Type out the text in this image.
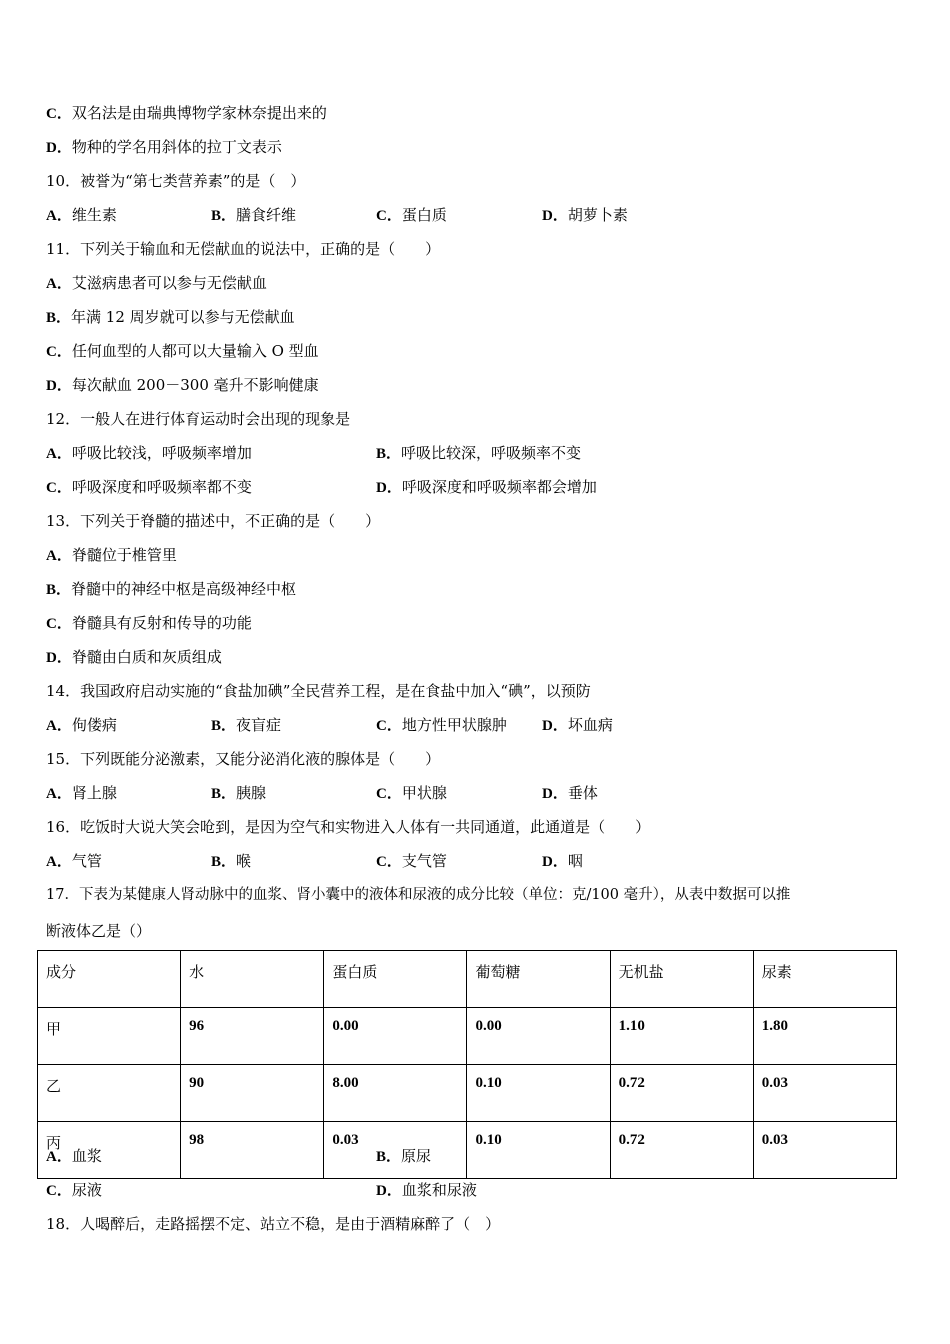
C．双名法是由瑞典博物学家林奈提出来的
D．物种的学名用斜体的拉丁文表示
10．被誉为“第七类营养素”的是（　）
A．维生素	B．膳食纤维	C．蛋白质	D．胡萝卜素
11．下列关于输血和无偿献血的说法中，正确的是（　　）
A．艾滋病患者可以参与无偿献血
B．年满 12 周岁就可以参与无偿献血
C．任何血型的人都可以大量输入 O 型血
D．每次献血 200－300 毫升不影响健康
12．一般人在进行体育运动时会出现的现象是
A．呼吸比较浅，呼吸频率增加	B．呼吸比较深，呼吸频率不变
C．呼吸深度和呼吸频率都不变	D．呼吸深度和呼吸频率都会增加
13．下列关于脊髓的描述中，不正确的是（　　）
A．脊髓位于椎管里
B．脊髓中的神经中枢是高级神经中枢
C．脊髓具有反射和传导的功能
D．脊髓由白质和灰质组成
14．我国政府启动实施的“食盐加碘”全民营养工程，是在食盐中加入“碘”，以预防
A．佝偻病	B．夜盲症	C．地方性甲状腺肿 D．坏血病
15．下列既能分泌激素，又能分泌消化液的腺体是（　　）
A．肾上腺	B．胰腺	C．甲状腺	D．垂体
16．吃饭时大说大笑会呛到，是因为空气和实物进入人体有一共同通道，此通道是（　　）
A．气管	B．喉	C．支气管	D．咽
17．下表为某健康人肾动脉中的血浆、肾小囊中的液体和尿液的成分比较（单位：克/100 毫升），从表中数据可以推
断液体乙是（）
成分	水	蛋白质	葡萄糖	无机盐	尿素
甲	96	0.00	0.00	1.10	1.80
乙	90	8.00	0.10	0.72	0.03
丙	98	0.03	0.10	0.72	0.03
A．血浆	B．原尿
C．尿液	D．血浆和尿液
18．人喝醉后，走路摇摆不定、站立不稳，是由于酒精麻醉了（　）
